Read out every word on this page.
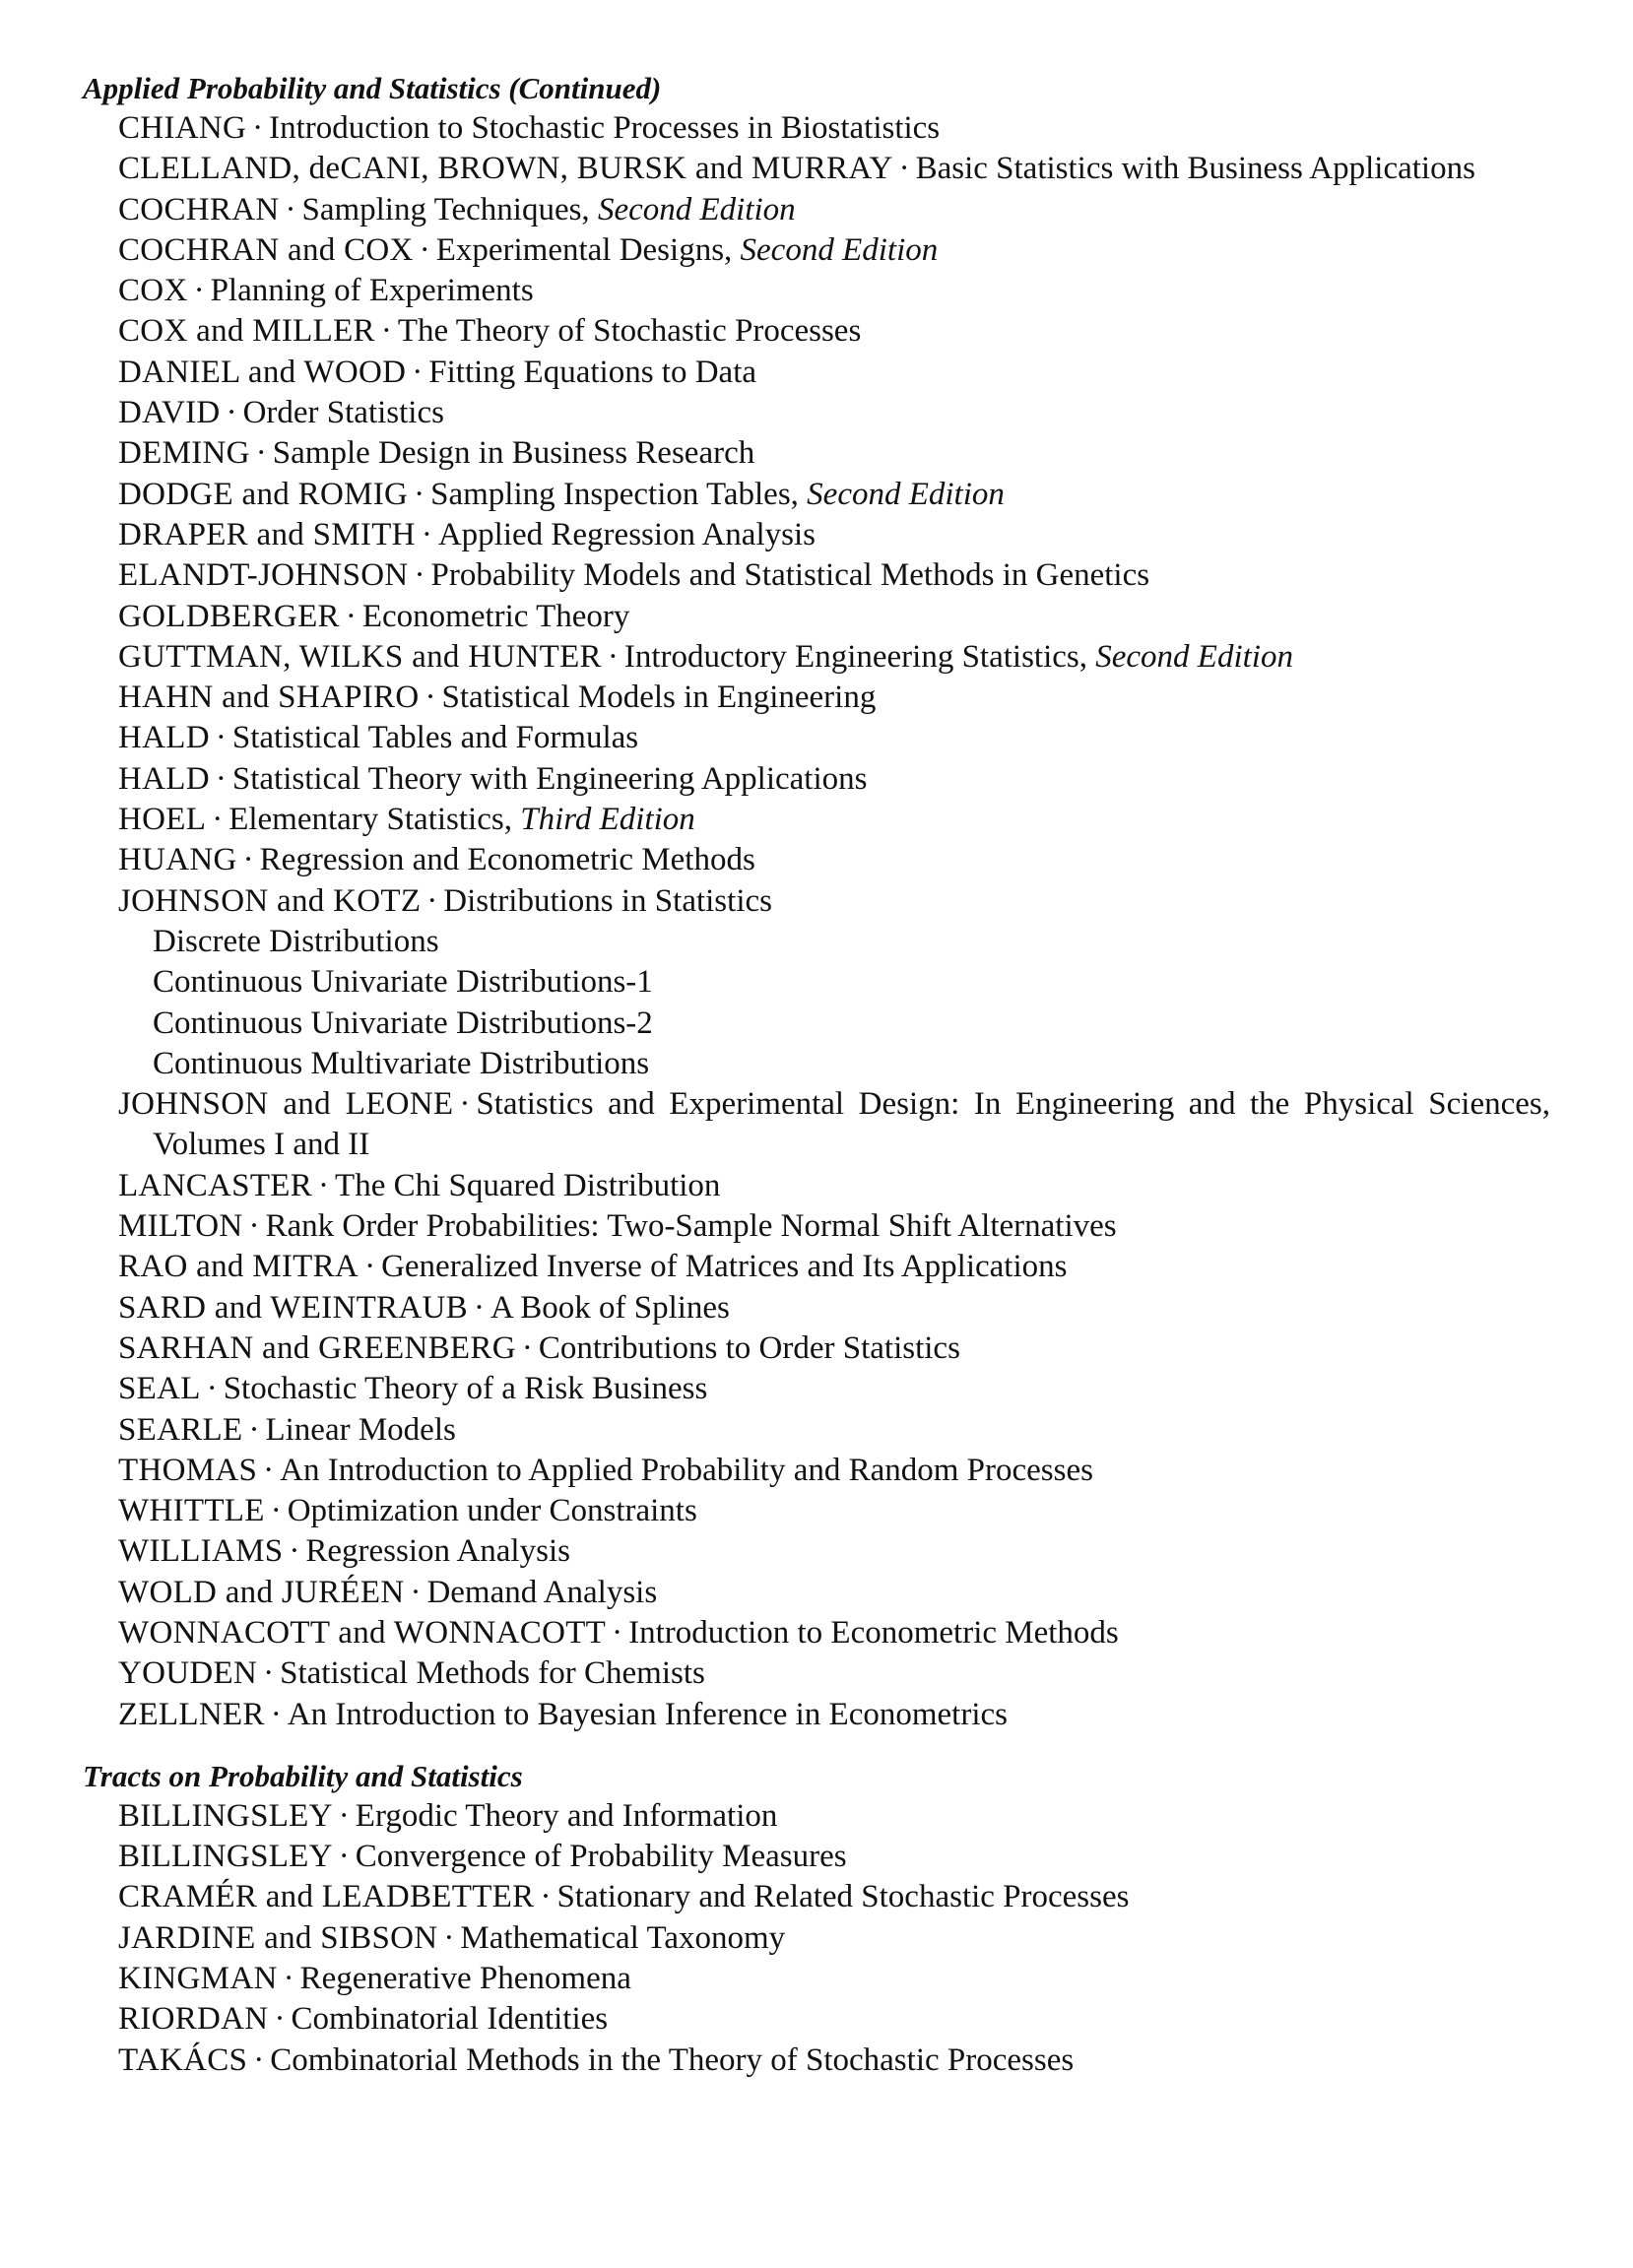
Applied Probability and Statistics (Continued)
CHIANG · Introduction to Stochastic Processes in Biostatistics
CLELLAND, deCANI, BROWN, BURSK and MURRAY · Basic Statistics with Business Applications
COCHRAN · Sampling Techniques, Second Edition
COCHRAN and COX · Experimental Designs, Second Edition
COX · Planning of Experiments
COX and MILLER · The Theory of Stochastic Processes
DANIEL and WOOD · Fitting Equations to Data
DAVID · Order Statistics
DEMING · Sample Design in Business Research
DODGE and ROMIG · Sampling Inspection Tables, Second Edition
DRAPER and SMITH · Applied Regression Analysis
ELANDT-JOHNSON · Probability Models and Statistical Methods in Genetics
GOLDBERGER · Econometric Theory
GUTTMAN, WILKS and HUNTER · Introductory Engineering Statistics, Second Edition
HAHN and SHAPIRO · Statistical Models in Engineering
HALD · Statistical Tables and Formulas
HALD · Statistical Theory with Engineering Applications
HOEL · Elementary Statistics, Third Edition
HUANG · Regression and Econometric Methods
JOHNSON and KOTZ · Distributions in Statistics
Discrete Distributions
Continuous Univariate Distributions-1
Continuous Univariate Distributions-2
Continuous Multivariate Distributions
JOHNSON and LEONE · Statistics and Experimental Design: In Engineering and the Physical Sciences, Volumes I and II
LANCASTER · The Chi Squared Distribution
MILTON · Rank Order Probabilities: Two-Sample Normal Shift Alternatives
RAO and MITRA · Generalized Inverse of Matrices and Its Applications
SARD and WEINTRAUB · A Book of Splines
SARHAN and GREENBERG · Contributions to Order Statistics
SEAL · Stochastic Theory of a Risk Business
SEARLE · Linear Models
THOMAS · An Introduction to Applied Probability and Random Processes
WHITTLE · Optimization under Constraints
WILLIAMS · Regression Analysis
WOLD and JURÉEN · Demand Analysis
WONNACOTT and WONNACOTT · Introduction to Econometric Methods
YOUDEN · Statistical Methods for Chemists
ZELLNER · An Introduction to Bayesian Inference in Econometrics
Tracts on Probability and Statistics
BILLINGSLEY · Ergodic Theory and Information
BILLINGSLEY · Convergence of Probability Measures
CRAMÉR and LEADBETTER · Stationary and Related Stochastic Processes
JARDINE and SIBSON · Mathematical Taxonomy
KINGMAN · Regenerative Phenomena
RIORDAN · Combinatorial Identities
TAKÁCS · Combinatorial Methods in the Theory of Stochastic Processes
